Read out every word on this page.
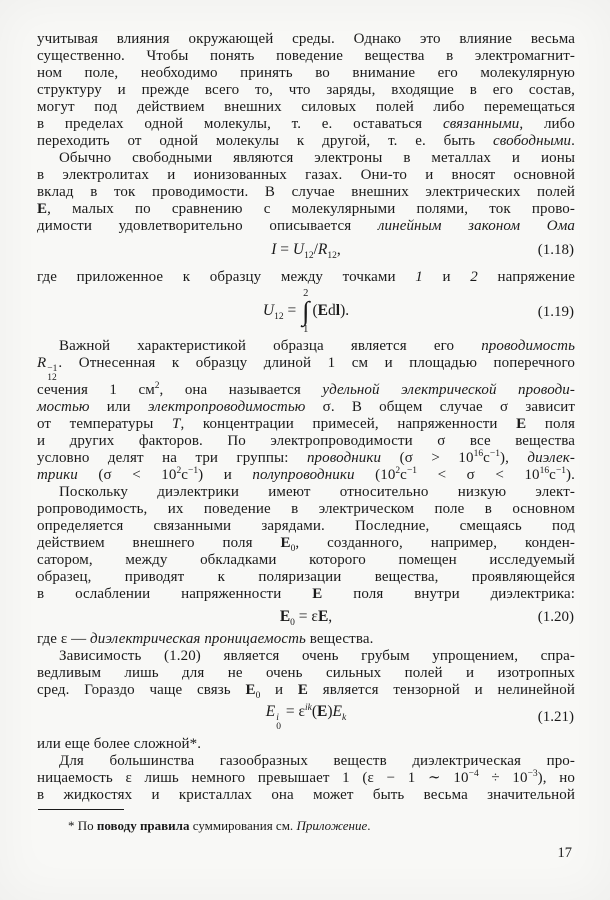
учитывая влияния окружающей среды. Однако это влияние весьма
существенно. Чтобы понять поведение вещества в электромагнит-
ном поле, необходимо принять во внимание его молекулярную
структуру и прежде всего то, что заряды, входящие в его состав,
могут под действием внешних силовых полей либо перемещаться
в пределах одной молекулы, т. е. оставаться связанными, либо
переходить от одной молекулы к другой, т. е. быть свободными.
Обычно свободными являются электроны в металлах и ионы
в электролитах и ионизованных газах. Они-то и вносят основной
вклад в ток проводимости. В случае внешних электрических полей
E, малых по сравнению с молекулярными полями, ток прово-
димости удовлетворительно описывается линейным законом Ома
$I = U_{12}/R_{12}$,	(1.18)
где приложенное к образцу между точками 1 и 2 напряжение
$U_{12}$ =
2
∫
1
(Edl).	(1.19)
Важной характеристикой образца является его проводимость
R −1
12
. Отнесенная к образцу длиной 1 см и площадью поперечного
сечения 1 $см^2$, она называется удельной электрической проводи-
мостью или электропроводимостью σ. В общем случае σ зависит
от температуры T, концентрации примесей, напряженности E поля
и других факторов. По электропроводимости σ все вещества
условно делят на три группы: проводники $(\sigma > 10^{16}с^{-1})$, диэлек-
трики $(\sigma < 10^2с^{-1})$ и полупроводники $(10^2с^{-1} < \sigma < 10^{16}с^{-1})$.
Поскольку диэлектрики имеют относительно низкую элект-
ропроводимость, их поведение в электрическом поле в основном
определяется связанными зарядами. Последние, смещаясь под
действием внешнего поля $E_0$, созданного, например, конден-
сатором, между обкладками которого помещен исследуемый
образец, приводят к поляризации вещества, проявляющейся
в ослаблении напряженности E поля внутри диэлектрика:
$E_0 = \varepsilon E$,	(1.20)
где ε — диэлектрическая проницаемость вещества.
Зависимость (1.20) является очень грубым упрощением, спра-
ведливым лишь для не очень сильных полей и изотропных
сред. Гораздо чаще связь $E_0$ и E является тензорной и нелинейной
E i
0
= $\varepsilon^{ik}(E)E_k$	(1.21)
или еще более сложной*.
Для большинства газообразных веществ диэлектрическая про-
ницаемость ε лишь немного превышает 1 (ε − 1 ∼ $10^{-4} \div 10^{-3}$), но
в жидкостях и кристаллах она может быть весьма значительной
* По поводу правила суммирования см. Приложение.
17
